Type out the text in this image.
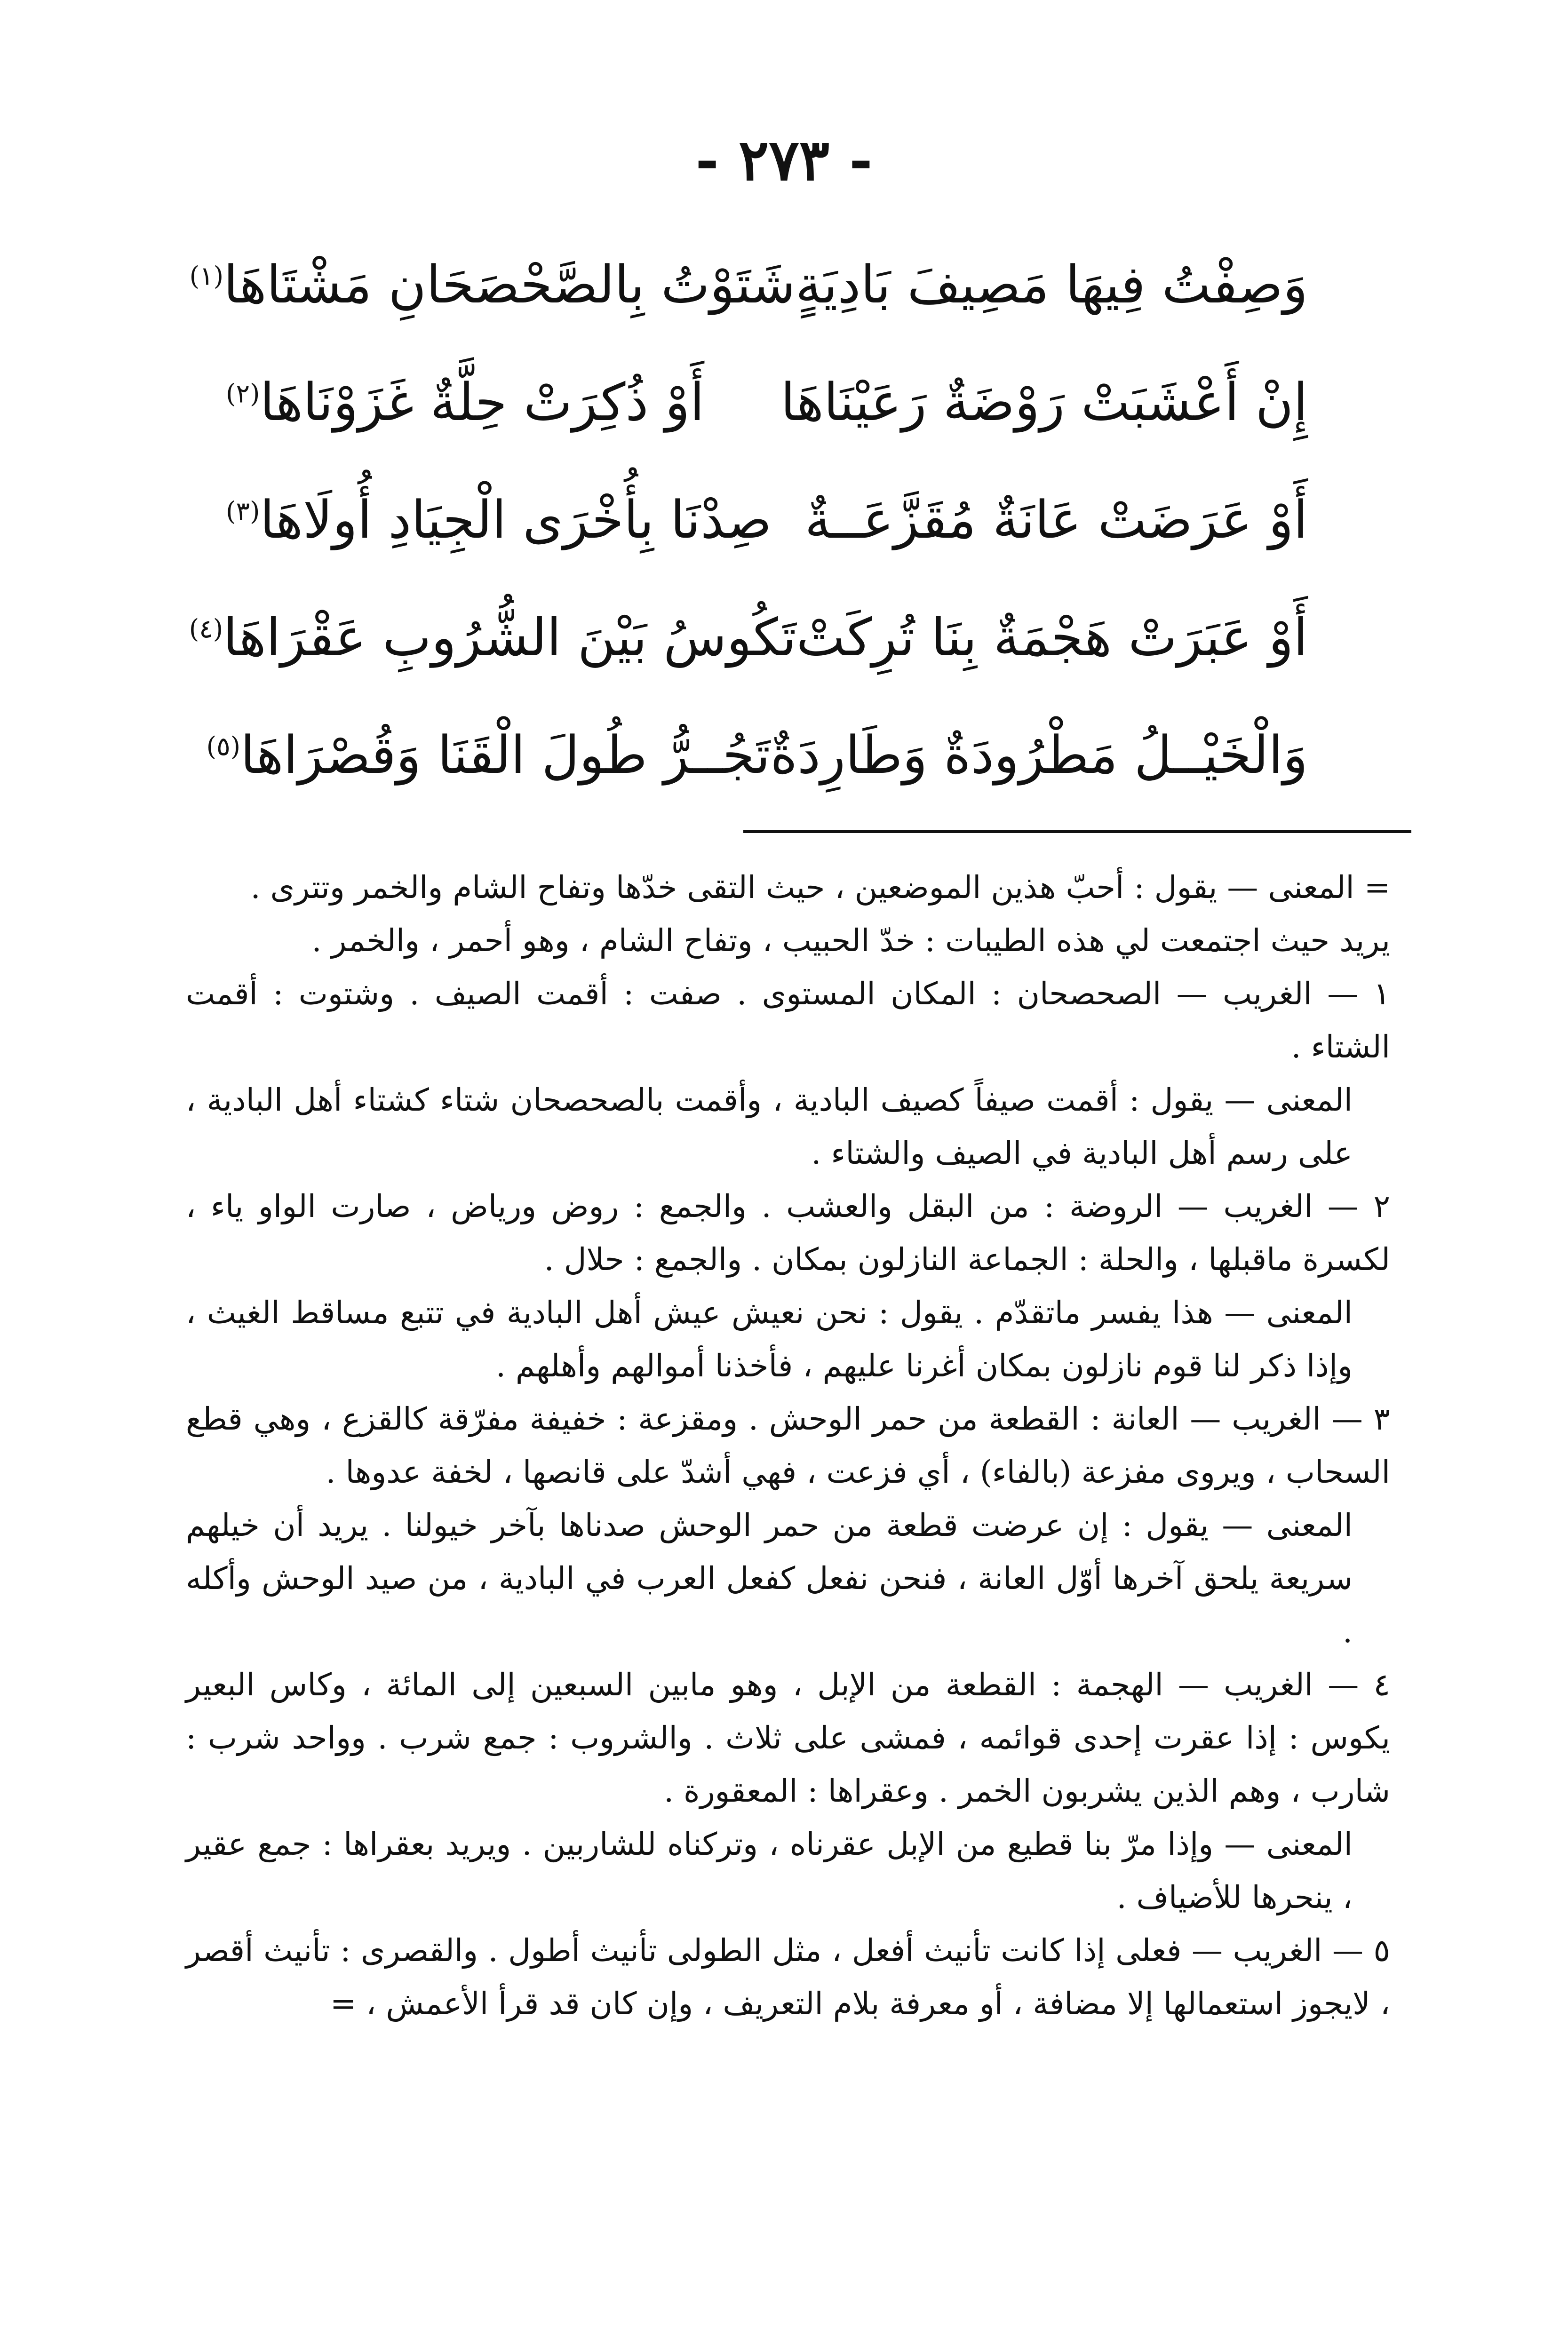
- ٢٧٣ -
وَصِفْتُ فِيهَا مَصِيفَ بَادِيَةٍ
شَتَوْتُ بِالصَّحْصَحَانِ مَشْتَاهَا$^{(١)}$
إِنْ أَعْشَبَتْ رَوْضَةٌ رَعَيْنَاهَا
أَوْ ذُكِرَتْ حِلَّةٌ غَزَوْنَاهَا$^{(٢)}$
أَوْ عَرَضَتْ عَانَةٌ مُقَزَّعَــةٌ
صِدْنَا بِأُخْرَى الْجِيَادِ أُولَاهَا$^{(٣)}$
أَوْ عَبَرَتْ هَجْمَةٌ بِنَا تُرِكَتْ
تَكُوسُ بَيْنَ الشُّرُوبِ عَقْرَاهَا$^{(٤)}$
وَالْخَيْــلُ مَطْرُودَةٌ وَطَارِدَةٌ
تَجُــرُّ طُولَ الْقَنَا وَقُصْرَاهَا$^{(٥)}$

= المعنى — يقول : أحبّ هذين الموضعين ، حيث التقى خدّها وتفاح الشام والخمر وتترى .

يريد حيث اجتمعت لي هذه الطيبات : خدّ الحبيب ، وتفاح الشام ، وهو أحمر ، والخمر .

١ — الغريب — الصحصحان : المكان المستوى . صفت : أقمت الصيف . وشتوت : أقمت الشتاء .

المعنى — يقول : أقمت صيفاً كصيف البادية ، وأقمت بالصحصحان شتاء كشتاء أهل البادية ، على رسم أهل البادية في الصيف والشتاء .

٢ — الغريب — الروضة : من البقل والعشب . والجمع : روض ورياض ، صارت الواو ياء ، لكسرة ماقبلها ، والحلة : الجماعة النازلون بمكان . والجمع : حلال .

المعنى — هذا يفسر ماتقدّم . يقول : نحن نعيش عيش أهل البادية في تتبع مساقط الغيث ، وإذا ذكر لنا قوم نازلون بمكان أغرنا عليهم ، فأخذنا أموالهم وأهلهم .

٣ — الغريب — العانة : القطعة من حمر الوحش . ومقزعة : خفيفة مفرّقة كالقزع ، وهي قطع السحاب ، ويروى مفزعة (بالفاء) ، أي فزعت ، فهي أشدّ على قانصها ، لخفة عدوها .

المعنى — يقول : إن عرضت قطعة من حمر الوحش صدناها بآخر خيولنا . يريد أن خيلهم سريعة يلحق آخرها أوّل العانة ، فنحن نفعل كفعل العرب في البادية ، من صيد الوحش وأكله .

٤ — الغريب — الهجمة : القطعة من الإبل ، وهو مابين السبعين إلى المائة ، وكاس البعير يكوس : إذا عقرت إحدى قوائمه ، فمشى على ثلاث . والشروب : جمع شرب . وواحد شرب : شارب ، وهم الذين يشربون الخمر . وعقراها : المعقورة .

المعنى — وإذا مرّ بنا قطيع من الإبل عقرناه ، وتركناه للشاربين . ويريد بعقراها : جمع عقير ، ينحرها للأضياف .

٥ — الغريب — فعلى إذا كانت تأنيث أفعل ، مثل الطولى تأنيث أطول . والقصرى : تأنيث أقصر ، لايجوز استعمالها إلا مضافة ، أو معرفة بلام التعريف ، وإن كان قد قرأ الأعمش ، =
